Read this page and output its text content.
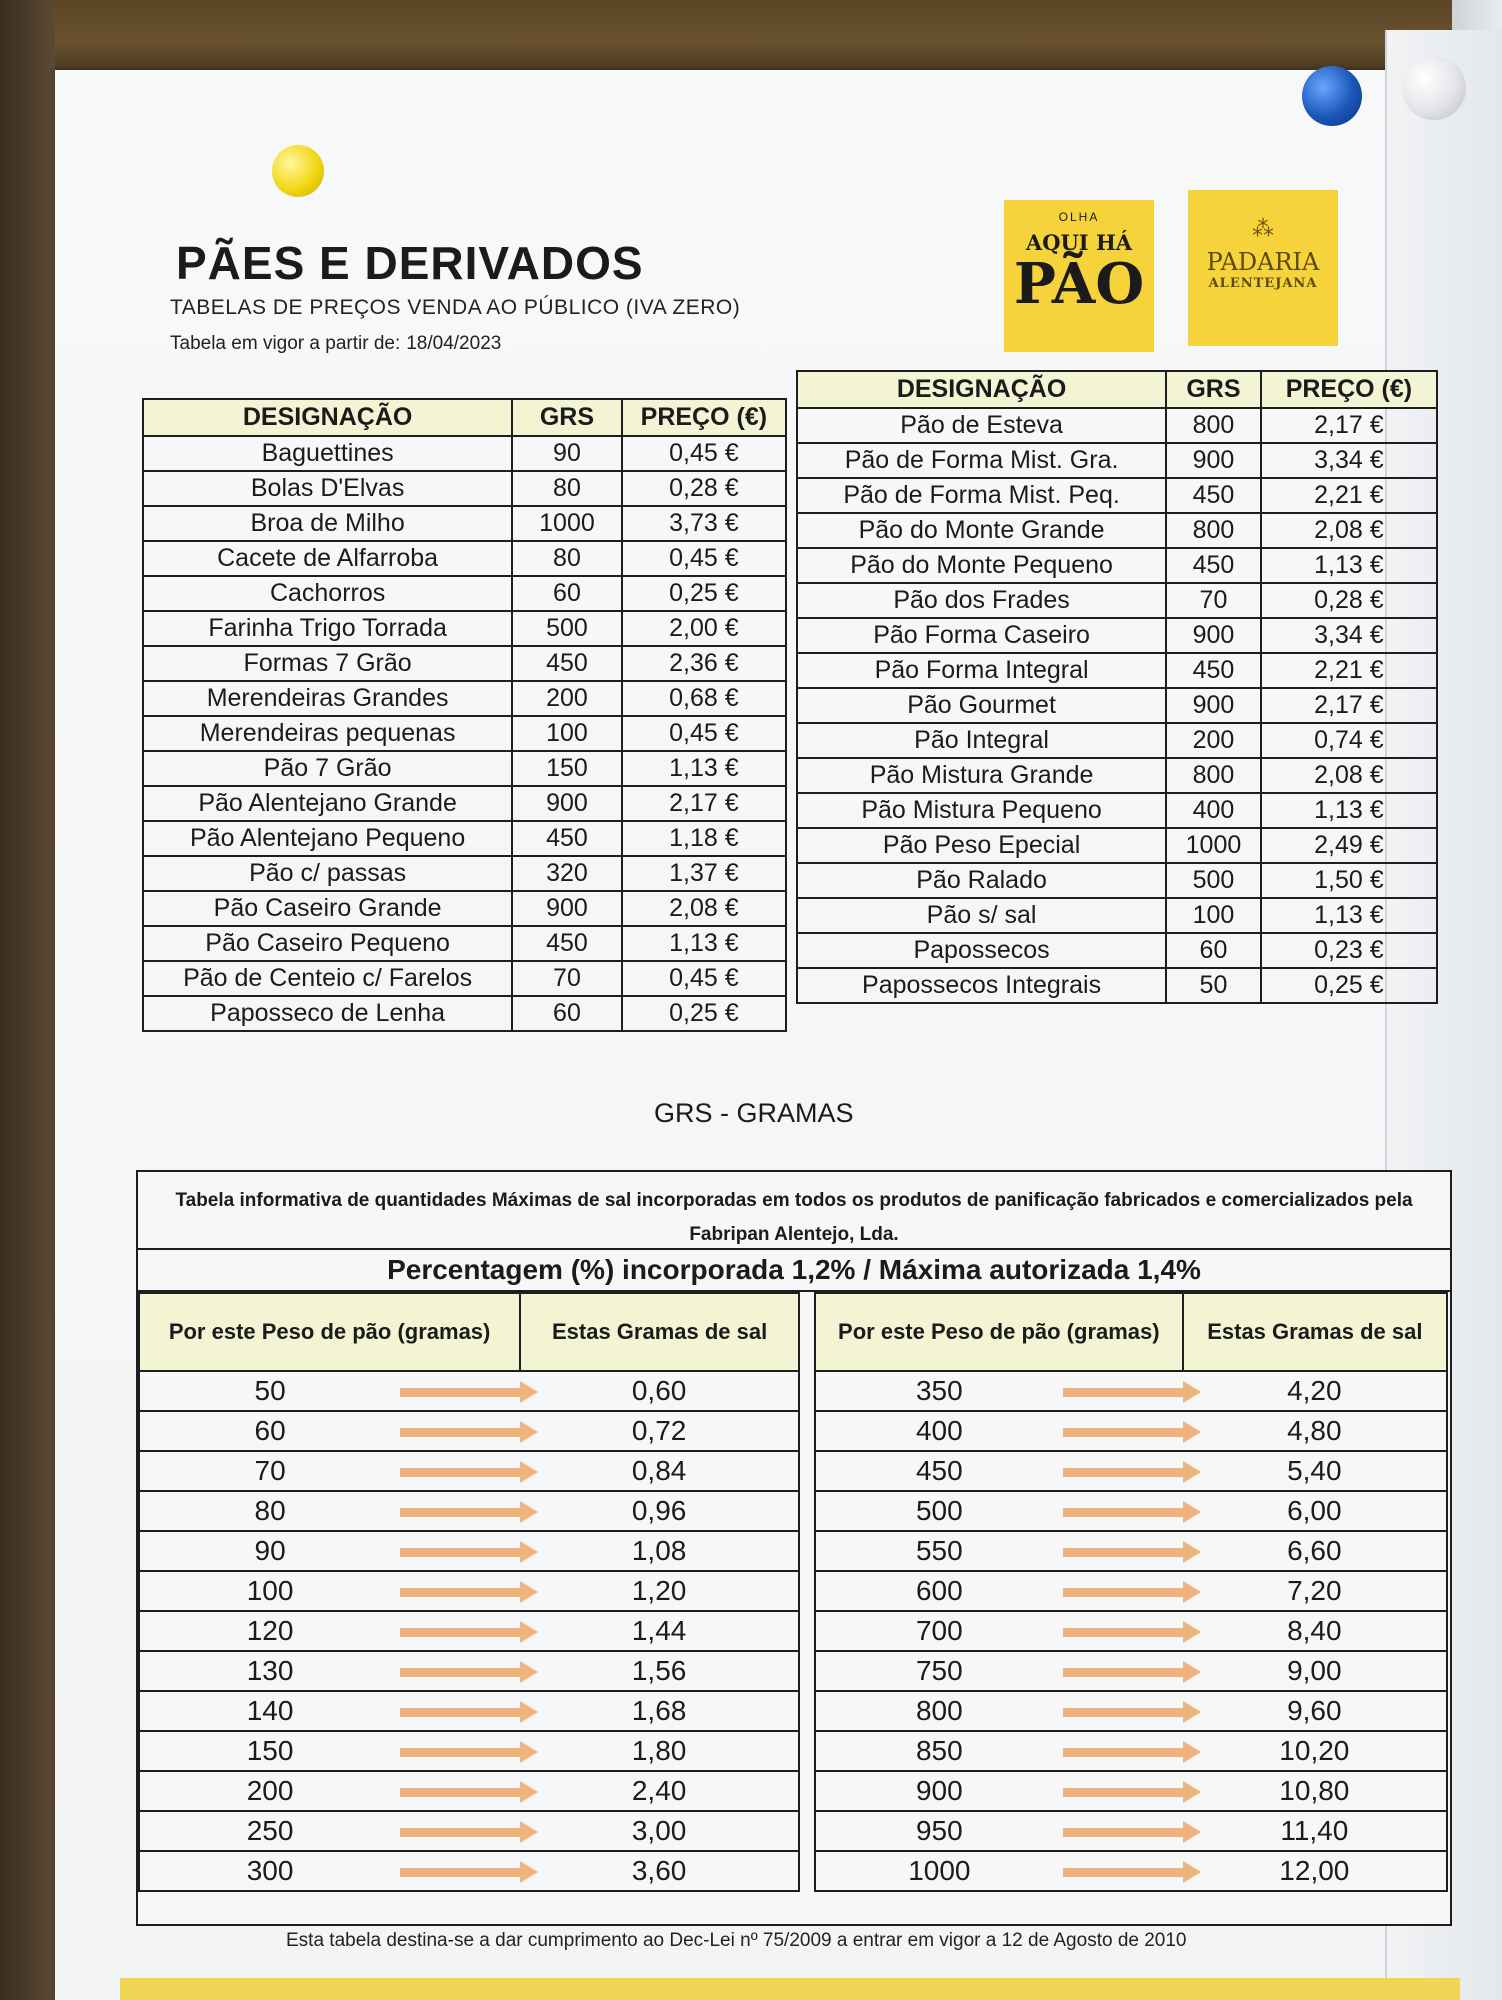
PÃES E DERIVADOS
TABELAS DE PREÇOS VENDA AO PÚBLICO (IVA ZERO)
Tabela em vigor a partir de: 18/04/2023
OLHA
AQUI HÁ
PÃO
⁂
PADARIA
ALENTEJANA
DESIGNAÇÃO	GRS	PREÇO (€)
Baguettines	90	0,45 €
Bolas D'Elvas	80	0,28 €
Broa de Milho	1000	3,73 €
Cacete de Alfarroba	80	0,45 €
Cachorros	60	0,25 €
Farinha Trigo Torrada	500	2,00 €
Formas 7 Grão	450	2,36 €
Merendeiras Grandes	200	0,68 €
Merendeiras pequenas	100	0,45 €
Pão 7 Grão	150	1,13 €
Pão Alentejano Grande	900	2,17 €
Pão Alentejano Pequeno	450	1,18 €
Pão c/ passas	320	1,37 €
Pão Caseiro Grande	900	2,08 €
Pão Caseiro Pequeno	450	1,13 €
Pão de Centeio c/ Farelos	70	0,45 €
Paposseco de Lenha	60	0,25 €
DESIGNAÇÃO	GRS	PREÇO (€)
Pão de Esteva	800	2,17 €
Pão de Forma Mist. Gra.	900	3,34 €
Pão de Forma Mist. Peq.	450	2,21 €
Pão do Monte Grande	800	2,08 €
Pão do Monte Pequeno	450	1,13 €
Pão dos Frades	70	0,28 €
Pão Forma Caseiro	900	3,34 €
Pão Forma Integral	450	2,21 €
Pão Gourmet	900	2,17 €
Pão Integral	200	0,74 €
Pão Mistura Grande	800	2,08 €
Pão Mistura Pequeno	400	1,13 €
Pão Peso Epecial	1000	2,49 €
Pão Ralado	500	1,50 €
Pão s/ sal	100	1,13 €
Papossecos	60	0,23 €
Papossecos Integrais	50	0,25 €
GRS - GRAMAS
Tabela informativa de quantidades Máximas de sal incorporadas em todos os produtos de panificação fabricados e comercializados pela Fabripan Alentejo, Lda.
Percentagem (%) incorporada 1,2% / Máxima autorizada 1,4%
Por este Peso de pão (gramas)		Estas Gramas de sal
50		0,60
60		0,72
70		0,84
80		0,96
90		1,08
100		1,20
120		1,44
130		1,56
140		1,68
150		1,80
200		2,40
250		3,00
300		3,60
Por este Peso de pão (gramas)		Estas Gramas de sal
350		4,20
400		4,80
450		5,40
500		6,00
550		6,60
600		7,20
700		8,40
750		9,00
800		9,60
850		10,20
900		10,80
950		11,40
1000		12,00
Esta tabela destina-se a dar cumprimento ao Dec-Lei nº 75/2009 a entrar em vigor a 12 de Agosto de 2010
